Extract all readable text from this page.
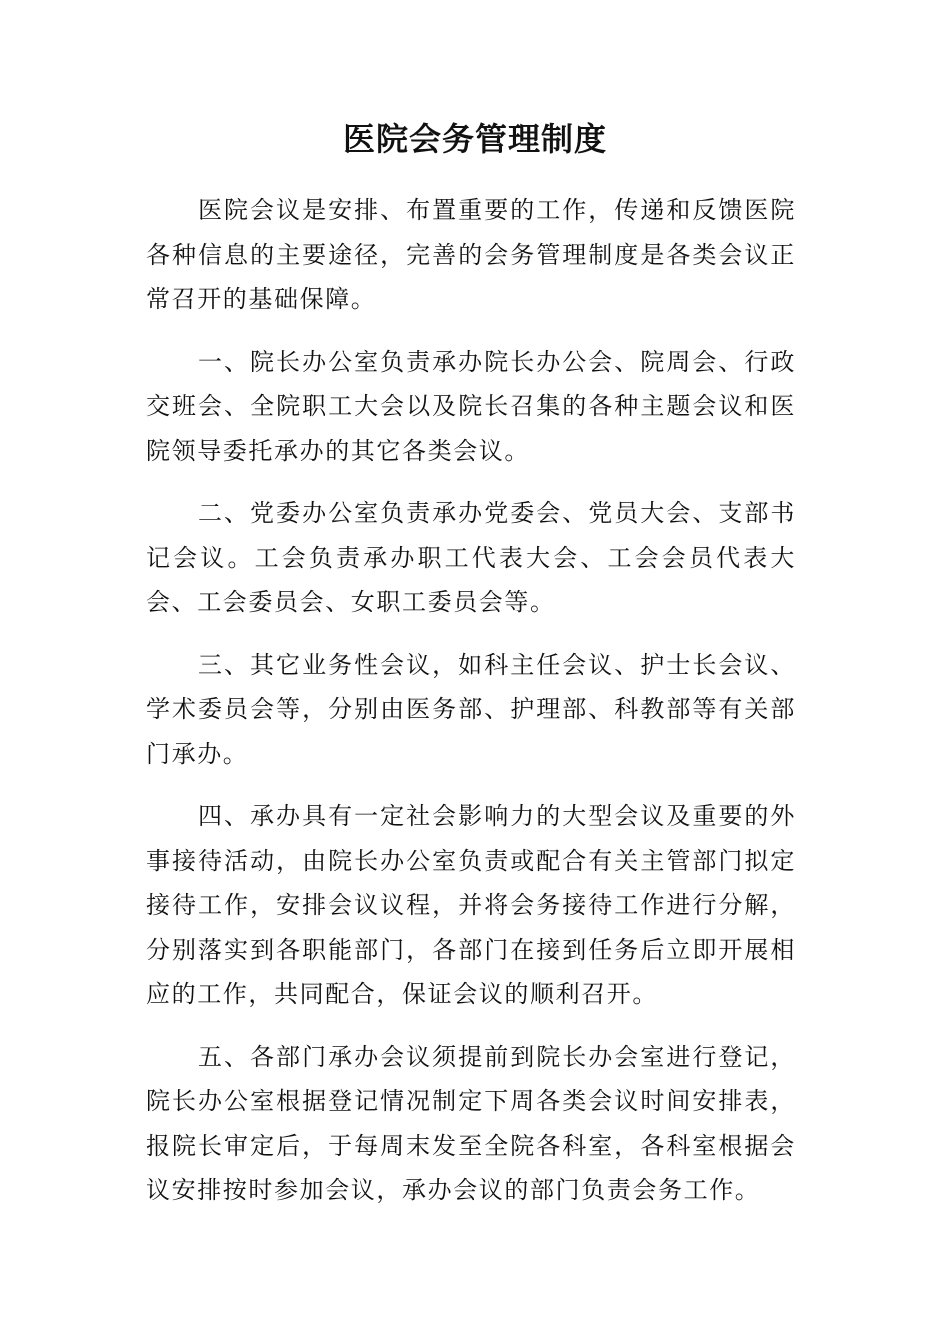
医院会务管理制度

医院会议是安排、布置重要的工作，传递和反馈医院各种信息的主要途径，完善的会务管理制度是各类会议正常召开的基础保障。

一、院长办公室负责承办院长办公会、院周会、行政交班会、全院职工大会以及院长召集的各种主题会议和医院领导委托承办的其它各类会议。

二、党委办公室负责承办党委会、党员大会、支部书记会议。工会负责承办职工代表大会、工会会员代表大会、工会委员会、女职工委员会等。

三、其它业务性会议，如科主任会议、护士长会议、学术委员会等，分别由医务部、护理部、科教部等有关部门承办。

四、承办具有一定社会影响力的大型会议及重要的外事接待活动，由院长办公室负责或配合有关主管部门拟定接待工作，安排会议议程，并将会务接待工作进行分解，分别落实到各职能部门，各部门在接到任务后立即开展相应的工作，共同配合，保证会议的顺利召开。

五、各部门承办会议须提前到院长办会室进行登记，院长办公室根据登记情况制定下周各类会议时间安排表，报院长审定后，于每周末发至全院各科室，各科室根据会议安排按时参加会议，承办会议的部门负责会务工作。
